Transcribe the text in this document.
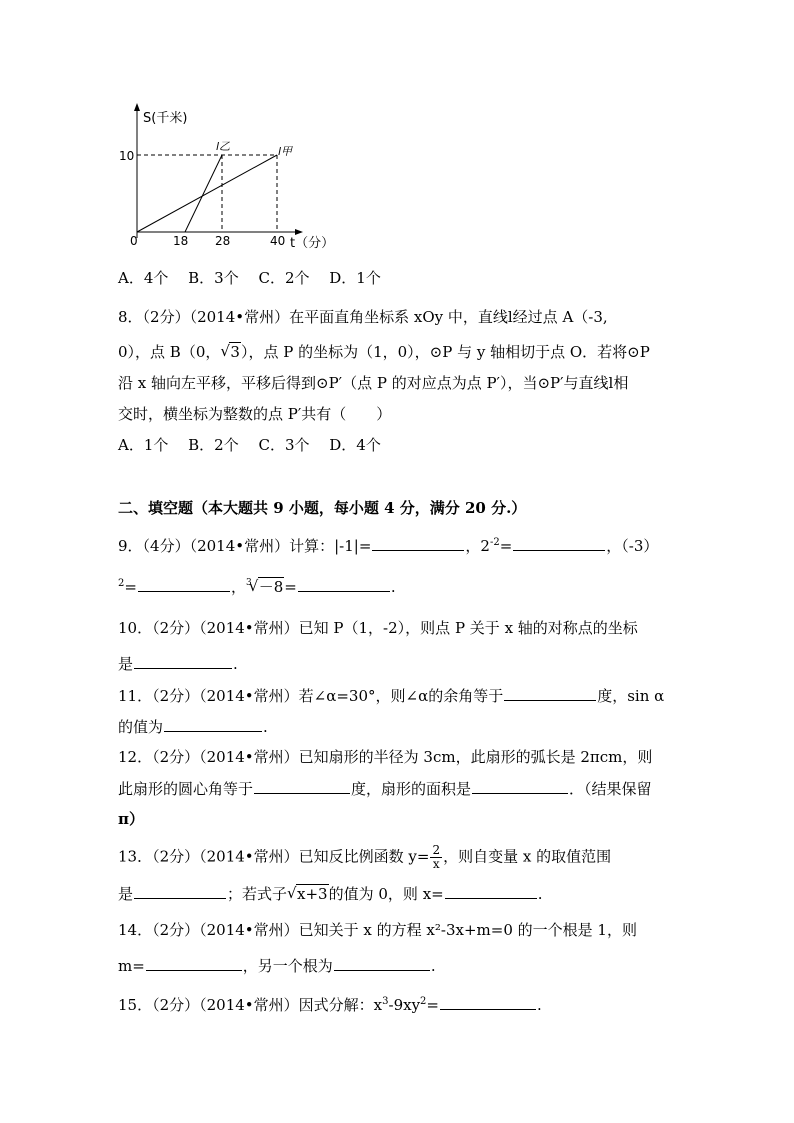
S(千米)
10
0	18 28	40 t（分）
l乙	l甲
A．4个　 B．3个　 C．2个　 D．1个
8．（2分）（2014•常州）在平面直角坐标系 xOy 中，直线l经过点 A（-3,
0），点 B（0， √ 3），点 P 的坐标为（1，0），⊙P 与 y 轴相切于点 O．若将⊙P
沿 x 轴向左平移，平移后得到⊙P′（点 P 的对应点为点 P′），当⊙P′与直线l相
交时，横坐标为整数的点 P′共有（　　）
A．1个　 B．2个　 C．3个　 D．4个
二、填空题（本大题共 9 小题，每小题 4 分，满分 20 分.）
9．（4分）（2014•常州）计算：|-1|=	，$2^{-2}=$	，（-3）
$^2$=	，$^3$ √ －8=	.
10．（2分）（2014•常州）已知 P（1，-2），则点 P 关于 x 轴的对称点的坐标
是	.
11．（2分）（2014•常州）若∠α=30°，则∠α的余角等于	度，sin α
的值为	.
12．（2分）（2014•常州）已知扇形的半径为 3cm，此扇形的弧长是 2πcm，则
此扇形的圆心角等于	度，扇形的面积是	．（结果保留
π）
13．（2分）（2014•常州）已知反比例函数 $y= \frac{2}{x}$ ，则自变量 x 的取值范围
是	；若式子 √ x+3的值为 0，则 x=	.
14．（2分）（2014•常州）已知关于 x 的方程 x²-3x+m=0 的一个根是 1，则
m=	，另一个根为	.
15．（2分）（2014•常州）因式分解：$x^3-9xy^2=$	.
